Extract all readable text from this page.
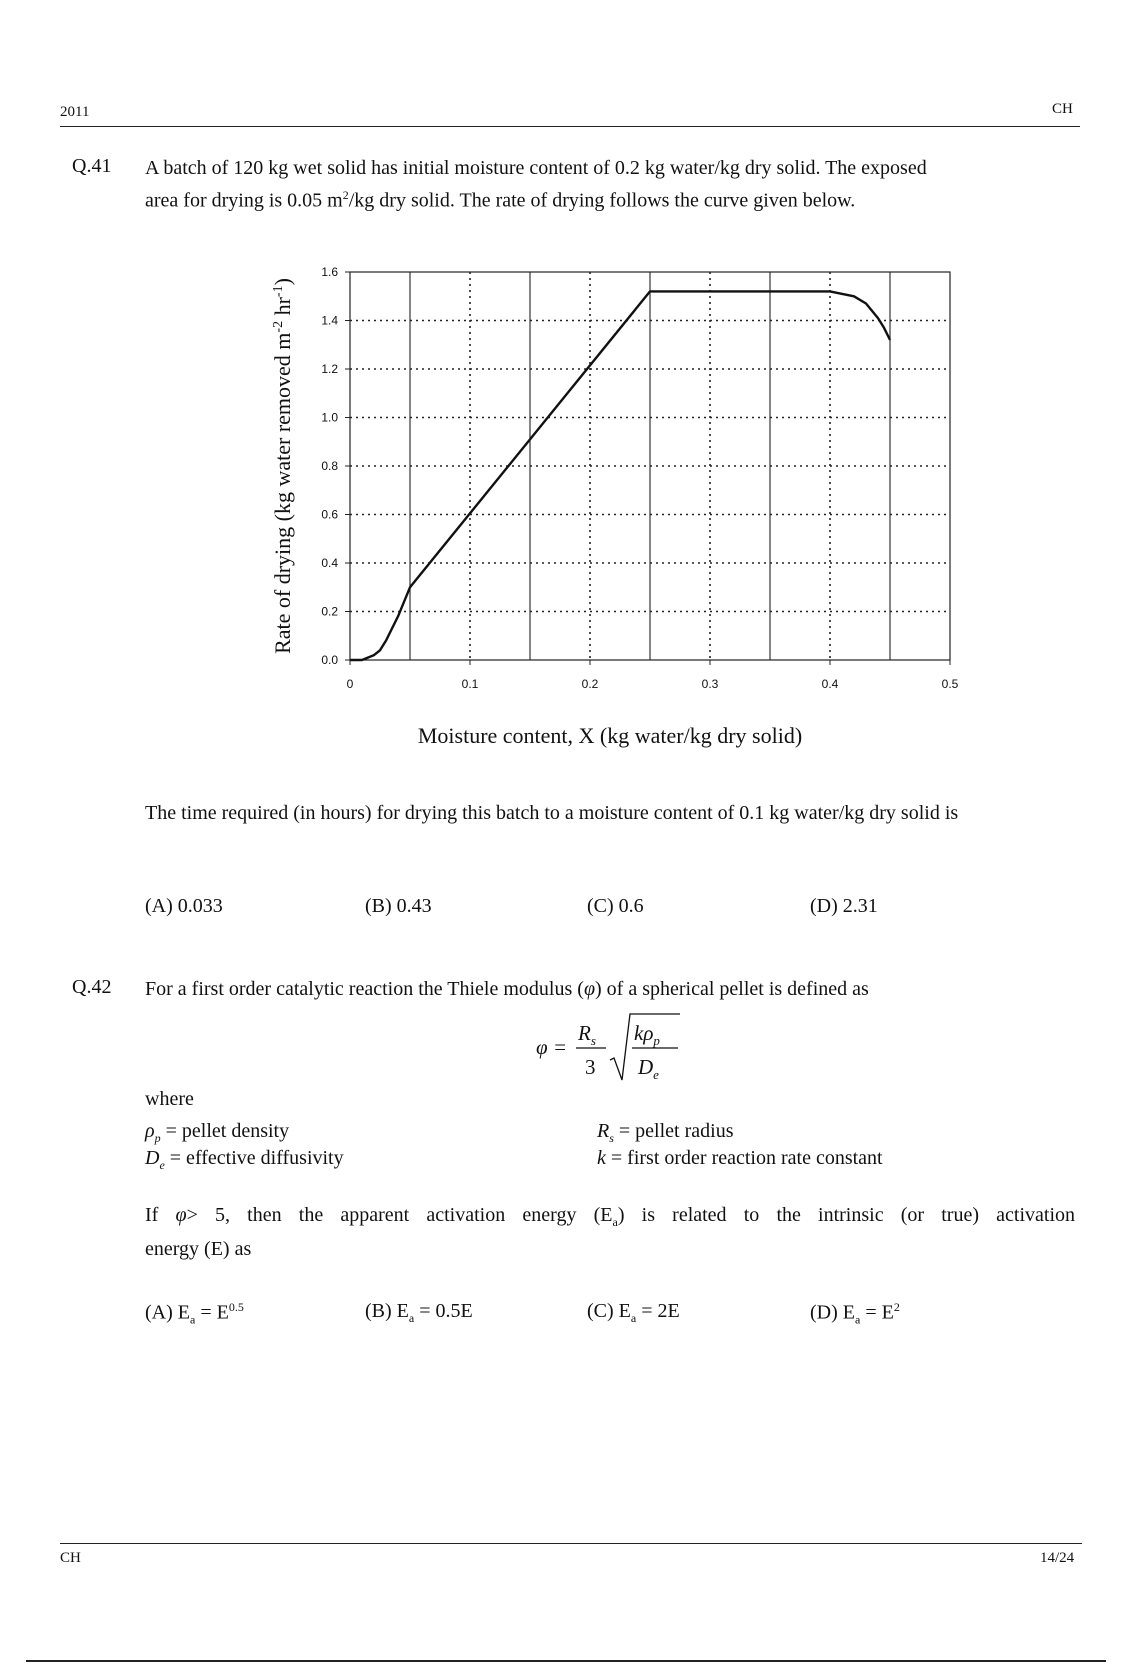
2011	CH
Q.41 A batch of 120 kg wet solid has initial moisture content of 0.2 kg water/kg dry solid. The exposed
area for drying is 0.05 $m^2/kg$ dry solid. The rate of drying follows the curve given below.
0.0
0.2
0.4
0.6
0.8
1.0
1.2
1.4
1.6
0	0.1	0.2	0.3	0.4	0.5
Moisture content, X (kg water/kg dry solid)
Rate of drying (kg water removed $m^{-2}$ $hr^{-1}$)
The time required (in hours) for drying this batch to a moisture content of 0.1 kg water/kg dry solid is
(A) 0.033	(B) 0.43	(C) 0.6	(D) 2.31
Q.42 For a first order catalytic reaction the Thiele modulus (φ) of a spherical pellet is defined as
φ =
$R_s$
3
$k\rho_p$
$D_e$
where
$\rho_p$ = pellet density
$D_e$ = effective diffusivity
$R_s$ = pellet radius
k = first order reaction rate constant
If φ> 5, then the apparent activation energy $(E_a)$ is related to the intrinsic (or true) activation
energy (E) as
(A) $E_a = E^{0.5}$	(B) $E_a = 0.5E$	(C) $E_a = 2E$	(D) $E_a = E^2$
CH	14/24
